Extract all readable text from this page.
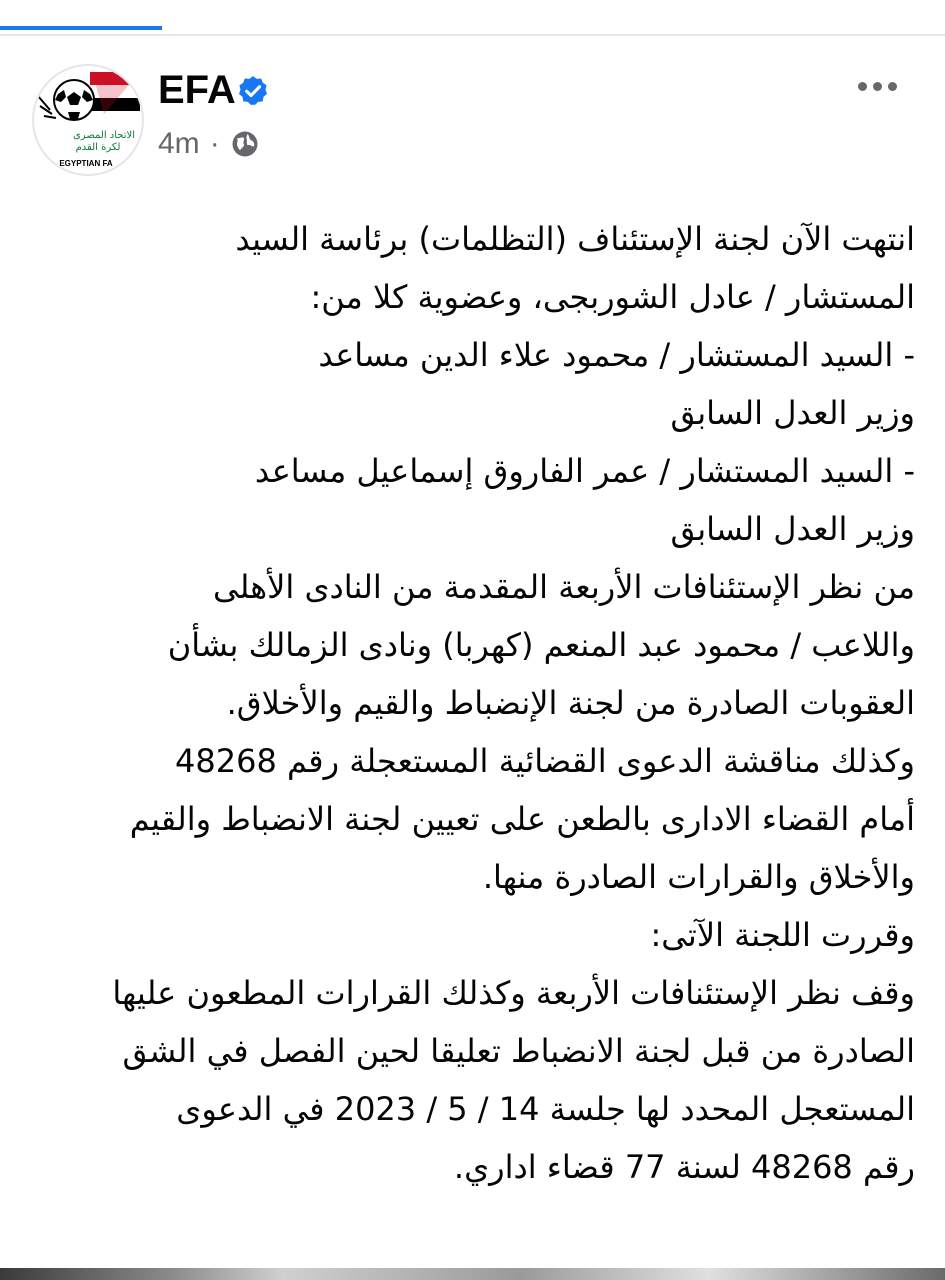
الاتحاد المصرى
لكرة القدم
EGYPTIAN FA
EFA
4m ·
انتهت الآن لجنة الإستئناف (التظلمات) برئاسة السيد
المستشار / عادل الشوربجى، وعضوية كلا من:
- السيد المستشار / محمود علاء الدين مساعد
وزير العدل السابق
- السيد المستشار / عمر الفاروق إسماعيل مساعد
وزير العدل السابق
من نظر الإستئنافات الأربعة المقدمة من النادى الأهلى
واللاعب / محمود عبد المنعم (كهربا) ونادى الزمالك بشأن
العقوبات الصادرة من لجنة الإنضباط والقيم والأخلاق.
وكذلك مناقشة الدعوى القضائية المستعجلة رقم 48268
أمام القضاء الادارى بالطعن على تعيين لجنة الانضباط والقيم
والأخلاق والقرارات الصادرة منها.
وقررت اللجنة الآتى:
وقف نظر الإستئنافات الأربعة وكذلك القرارات المطعون عليها
الصادرة من قبل لجنة الانضباط تعليقا لحين الفصل في الشق
المستعجل المحدد لها جلسة 14 / 5 / 2023 في الدعوى
رقم 48268 لسنة 77 قضاء اداري.
